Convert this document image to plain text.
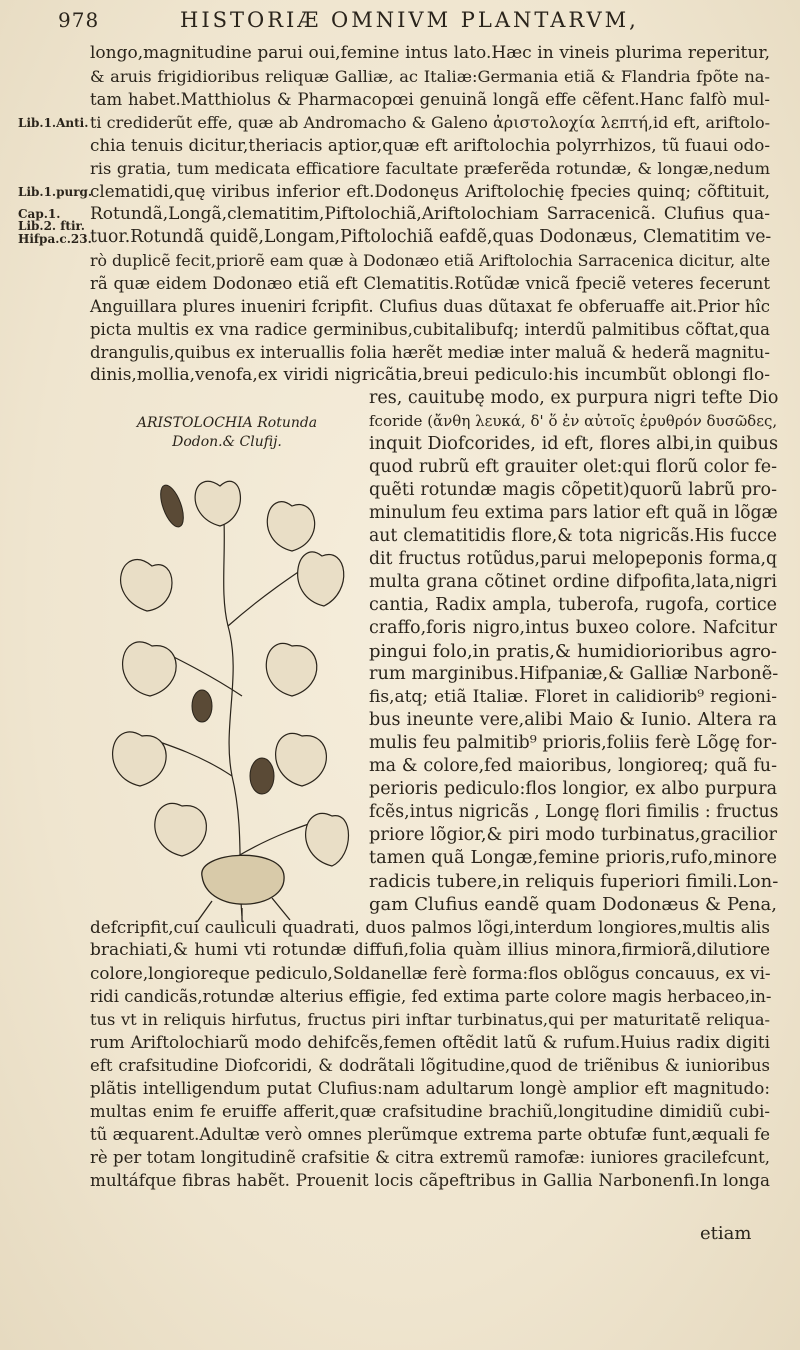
978	HISTORIÆ OMNIVM PLANTARVM,
Lib.1.Anti.
Lib.1.purg.
Cap.1.
Lib.2. ftir.
Hifpa.c.23.
longo,magnitudine parui oui,femine intus lato.Hæc in vineis plurima reperitur,
& aruis frigidioribus reliquæ Galliæ, ac Italiæ:Germania etiã & Flandria fpõte na-
tam habet.Matthiolus & Pharmacopœi genuinã longã effe cẽfent.Hanc falfò mul-
ti crediderũt effe, quæ ab Andromacho & Galeno ἀριστολοχία λεπτή,id eft, ariftolo-
chia tenuis dicitur,theriacis aptior,quæ eft ariftolochia polyrrhizos, tũ fuaui odo-
ris gratia, tum medicata efficatiore facultate præferẽda rotundæ, & longæ,nedum
clematidi,quę viribus inferior eft.Dodonęus Ariftolochię fpecies quinq; cõftituit,
Rotundã,Longã,clematitim,Piftolochiã,Ariftolochiam Sarracenicã. Clufius qua-
tuor.Rotundã quidẽ,Longam,Piftolochiã eafdẽ,quas Dodonæus, Clematitim ve-
rò duplicẽ fecit,priorẽ eam quæ à Dodonæo etiã Ariftolochia Sarracenica dicitur, alte
rã quæ eidem Dodonæo etiã eft Clematitis.Rotũdæ vnicã fpeciẽ veteres fecerunt
Anguillara plures inueniri fcripfit. Clufius duas dũtaxat fe obferuaffe ait.Prior hîc
picta multis ex vna radice germinibus,cubitalibufq; interdũ palmitibus cõftat,qua
drangulis,quibus ex interuallis folia hærẽt mediæ inter maluã & hederã magnitu-
dinis,mollia,venofa,ex viridi nigricãtia,breui pediculo:his incumbũt oblongi flo-
ARISTOLOCHIA Rotunda
Dodon.& Clufij.
res, cauitubę modo, ex purpura nigri tefte Dio
fcoride (ἄνθη λευκά, δ' ὅ ἐν αὐτοῖς ἐρυθρόν δυσῶδες,
inquit Diofcorides, id eft, flores albi,in quibus
quod rubrũ eft grauiter olet:qui florũ color fe-
quẽti rotundæ magis cõpetit)quorũ labrũ pro-
minulum feu extima pars latior eft quã in lõgæ
aut clematitidis flore,& tota nigricãs.His fucce
dit fructus rotũdus,parui melopeponis forma,q
multa grana cõtinet ordine difpofita,lata,nigri
cantia, Radix ampla, tuberofa, rugofa, cortice
craffo,foris nigro,intus buxeo colore. Nafcitur
pingui folo,in pratis,& humidiorioribus agro-
rum marginibus.Hifpaniæ,& Galliæ Narbonẽ-
fis,atq; etiã Italiæ. Floret in calidiorib⁹ regioni-
bus ineunte vere,alibi Maio & Iunio. Altera ra
mulis feu palmitib⁹ prioris,foliis ferè Lõgę for-
ma & colore,fed maioribus, longioreq; quã fu-
perioris pediculo:flos longior, ex albo purpura
fcẽs,intus nigricãs , Longę flori fimilis : fructus
priore lõgior,& piri modo turbinatus,gracilior
tamen quã Longæ,femine prioris,rufo,minore
radicis tubere,in reliquis fuperiori fimili.Lon-
gam Clufius eandẽ quam Dodonæus & Pena,
defcripfit,cui cauliculi quadrati, duos palmos lõgi,interdum longiores,multis alis
brachiati,& humi vti rotundæ diffufi,folia quàm illius minora,firmiorã,dilutiore
colore,longioreque pediculo,Soldanellæ ferè forma:flos oblõgus concauus, ex vi-
ridi candicãs,rotundæ alterius effigie, fed extima parte colore magis herbaceo,in-
tus vt in reliquis hirfutus, fructus piri inftar turbinatus,qui per maturitatẽ reliqua-
rum Ariftolochiarũ modo dehifcẽs,femen oftẽdit latũ & rufum.Huius radix digiti
eft crafsitudine Diofcoridi, & dodrãtali lõgitudine,quod de triẽnibus & iunioribus
plãtis intelligendum putat Clufius:nam adultarum longè amplior eft magnitudo:
multas enim fe eruiffe afferit,quæ crafsitudine brachiũ,longitudine dimidiũ cubi-
tũ æquarent.Adultæ verò omnes plerũmque extrema parte obtufæ funt,æquali fe
rè per totam longitudinẽ crafsitie & citra extremũ ramofæ: iuniores gracilefcunt,
multáfque fibras habẽt. Prouenit locis cãpeftribus in Gallia Narbonenfi.In longa
etiam
